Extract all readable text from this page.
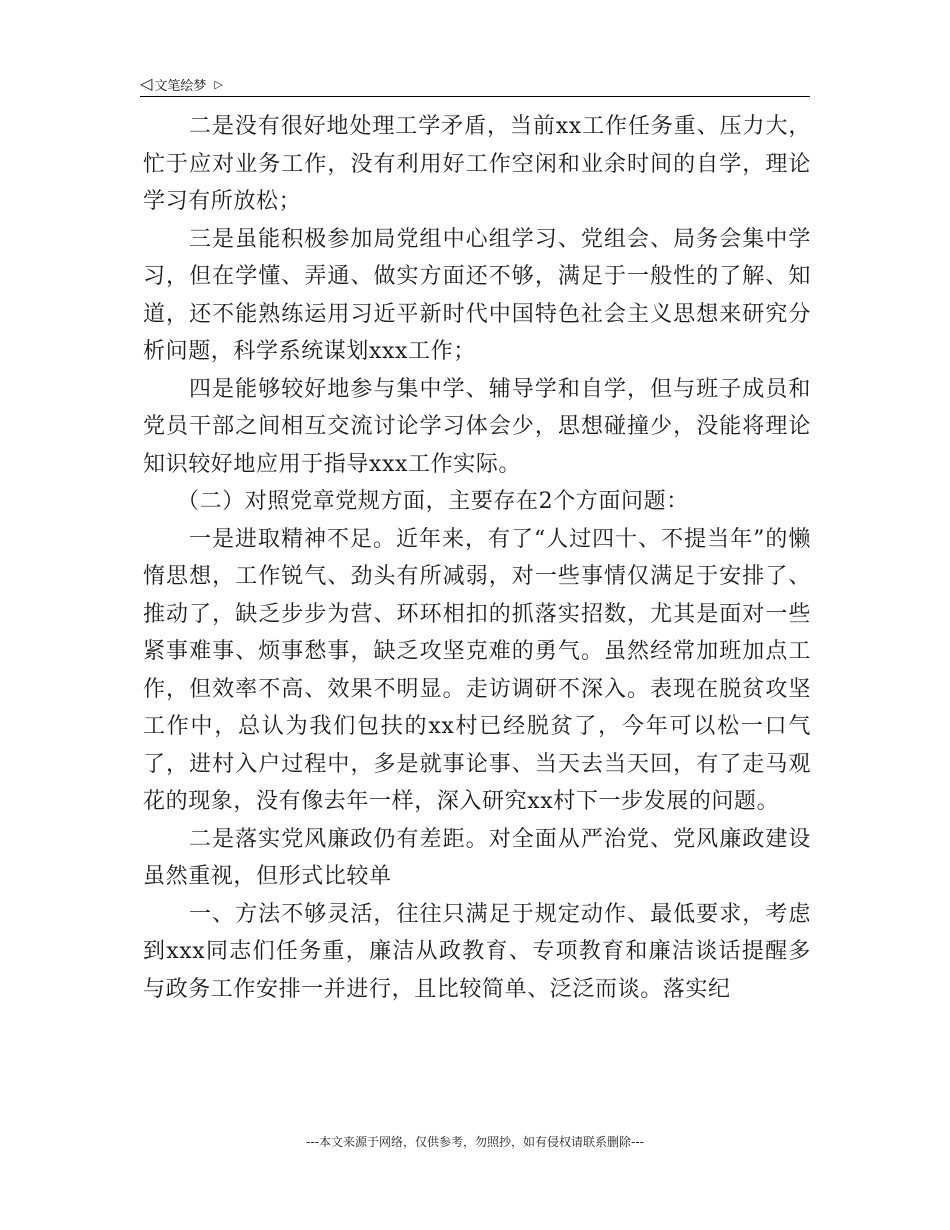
◁ 文笔绘梦 ▷

二是没有很好地处理工学矛盾，当前xx工作任务重、压力大，忙于应对业务工作，没有利用好工作空闲和业余时间的自学，理论学习有所放松；

三是虽能积极参加局党组中心组学习、党组会、局务会集中学习，但在学懂、弄通、做实方面还不够，满足于一般性的了解、知道，还不能熟练运用习近平新时代中国特色社会主义思想来研究分析问题，科学系统谋划xxx工作；

四是能够较好地参与集中学、辅导学和自学，但与班子成员和党员干部之间相互交流讨论学习体会少，思想碰撞少，没能将理论知识较好地应用于指导xxx工作实际。

（二）对照党章党规方面，主要存在2个方面问题：

一是进取精神不足。近年来，有了“人过四十、不提当年”的懒惰思想，工作锐气、劲头有所减弱，对一些事情仅满足于安排了、推动了，缺乏步步为营、环环相扣的抓落实招数，尤其是面对一些紧事难事、烦事愁事，缺乏攻坚克难的勇气。虽然经常加班加点工作，但效率不高、效果不明显。走访调研不深入。表现在脱贫攻坚工作中，总认为我们包扶的xx村已经脱贫了，今年可以松一口气了，进村入户过程中，多是就事论事、当天去当天回，有了走马观花的现象，没有像去年一样，深入研究xx村下一步发展的问题。

二是落实党风廉政仍有差距。对全面从严治党、党风廉政建设虽然重视，但形式比较单

一、方法不够灵活，往往只满足于规定动作、最低要求，考虑到xxx同志们任务重，廉洁从政教育、专项教育和廉洁谈话提醒多与政务工作安排一并进行，且比较简单、泛泛而谈。落实纪

---本文来源于网络，仅供参考，勿照抄，如有侵权请联系删除---
